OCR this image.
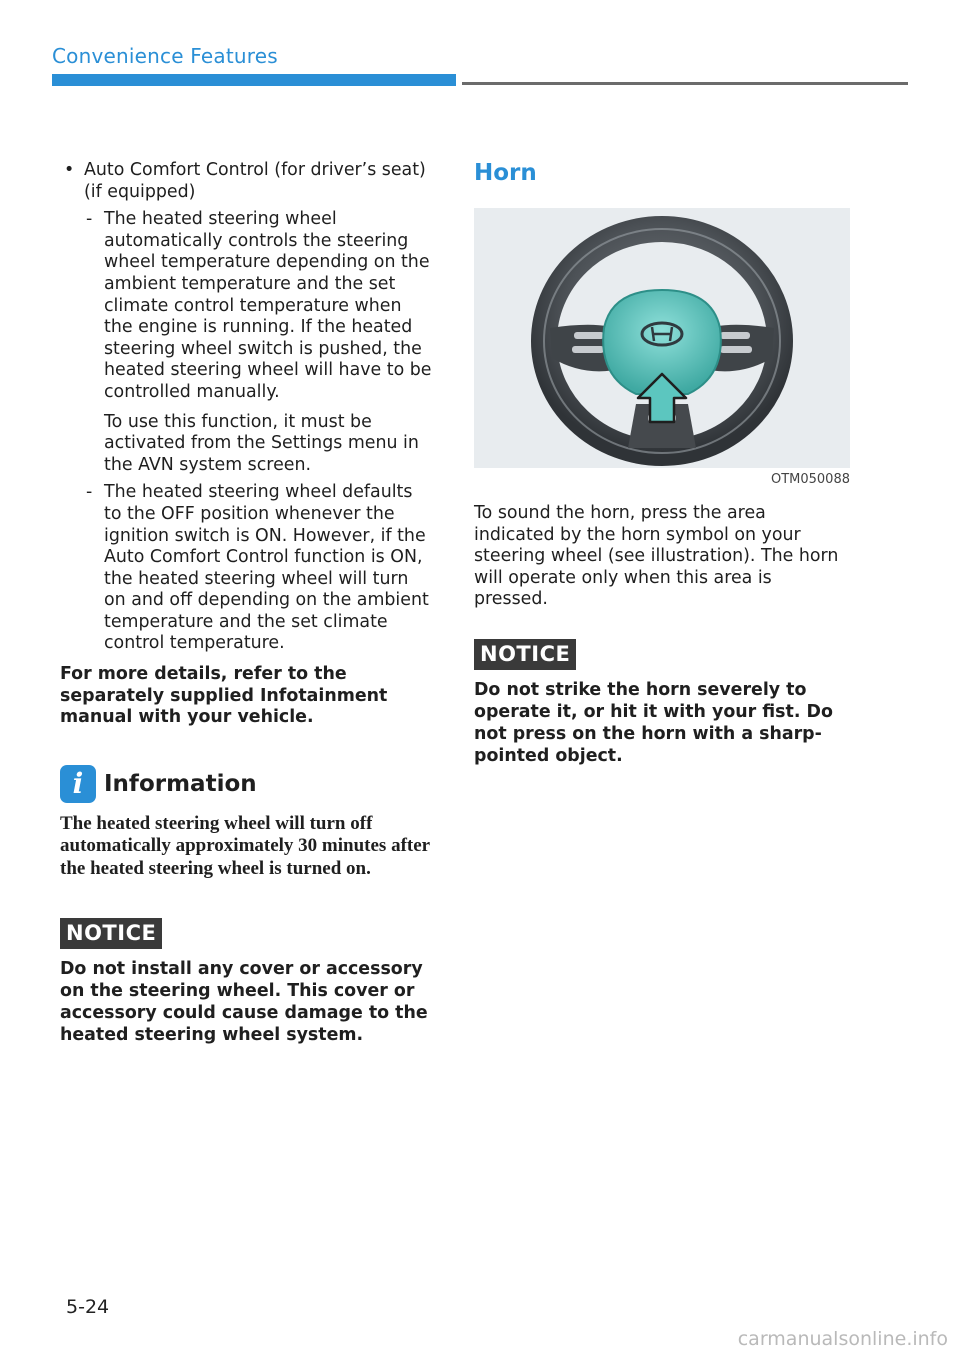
Convenience Features
• Auto Comfort Control (for driver’s seat) (if equipped)
- The heated steering wheel automatically controls the steering wheel temperature depending on the ambient temperature and the set climate control temperature when the engine is running. If the heated steering wheel switch is pushed, the heated steering wheel will have to be controlled manually.
To use this function, it must be activated from the Settings menu in the AVN system screen.
- The heated steering wheel defaults to the OFF position whenever the ignition switch is ON. However, if the Auto Comfort Control function is ON, the heated steering wheel will turn on and off depending on the ambient temperature and the set climate control temperature.
For more details, refer to the separately supplied Infotainment manual with your vehicle.
i Information
The heated steering wheel will turn off automatically approximately 30 minutes after the heated steering wheel is turned on.
NOTICE
Do not install any cover or accessory on the steering wheel. This cover or accessory could cause damage to the heated steering wheel system.
Horn
OTM050088
To sound the horn, press the area indicated by the horn symbol on your steering wheel (see illustration). The horn will operate only when this area is pressed.
NOTICE
Do not strike the horn severely to operate it, or hit it with your fist. Do not press on the horn with a sharp-pointed object.
5-24
carmanualsonline.info
